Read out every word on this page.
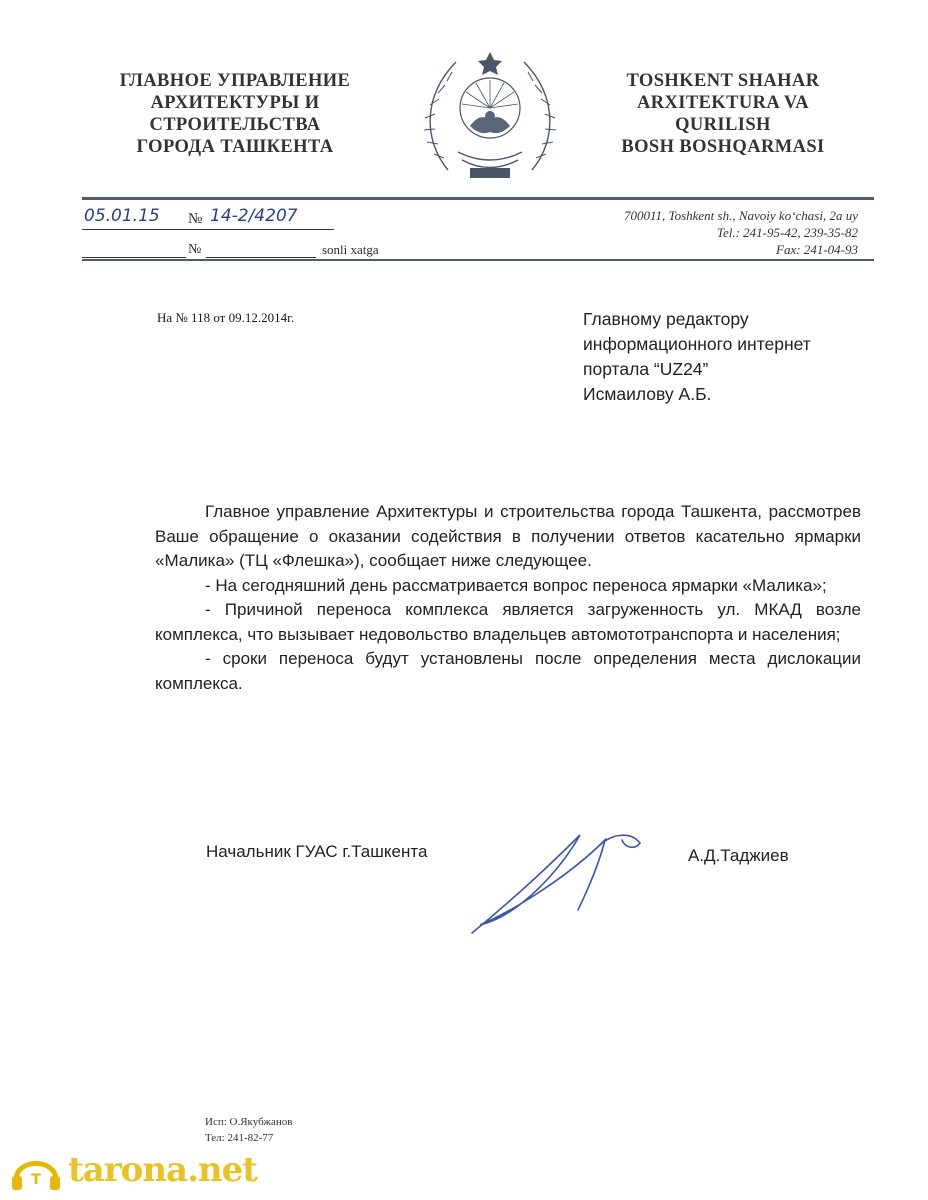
ГЛАВНОЕ УПРАВЛЕНИЕ
АРХИТЕКТУРЫ И
СТРОИТЕЛЬСТВА
ГОРОДА ТАШКЕНТА
TOSHKENT SHAHAR
ARXITEKTURA VA
QURILISH
BOSH BOSHQARMASI
05.01.15 № 14-2/4207
№	sonli xatga
700011, Toshkent sh., Navoiy ko‘chasi, 2a uy
Tel.: 241-95-42, 239-35-82
Fax: 241-04-93
На № 118 от 09.12.2014г.	Главному редактору
информационного интернет
портала “UZ24”
Исмаилову А.Б.

Главное управление Архитектуры и строительства города Ташкента, рассмотрев Ваше обращение о оказании содействия в получении ответов касательно ярмарки «Малика» (ТЦ «Флешка»), сообщает ниже следующее.

- На сегодняшний день рассматривается вопрос переноса ярмарки «Малика»;

- Причиной переноса комплекса является загруженность ул. МКАД возле комплекса, что вызывает недовольство владельцев автомототранспорта и населения;

- сроки переноса будут установлены после определения места дислокации комплекса.

Начальник ГУАС г.Ташкента	А.Д.Таджиев
Исп: О.Якубжанов
Тел: 241-82-77
T tarona.net
